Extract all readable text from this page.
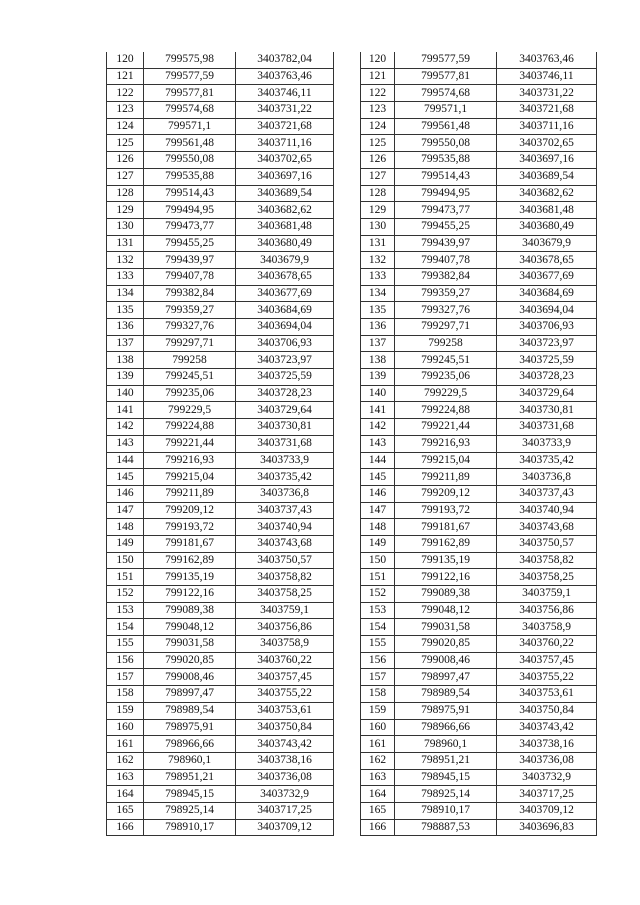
120	799575,98	3403782,04
121	799577,59	3403763,46
122	799577,81	3403746,11
123	799574,68	3403731,22
124	799571,1	3403721,68
125	799561,48	3403711,16
126	799550,08	3403702,65
127	799535,88	3403697,16
128	799514,43	3403689,54
129	799494,95	3403682,62
130	799473,77	3403681,48
131	799455,25	3403680,49
132	799439,97	3403679,9
133	799407,78	3403678,65
134	799382,84	3403677,69
135	799359,27	3403684,69
136	799327,76	3403694,04
137	799297,71	3403706,93
138	799258	3403723,97
139	799245,51	3403725,59
140	799235,06	3403728,23
141	799229,5	3403729,64
142	799224,88	3403730,81
143	799221,44	3403731,68
144	799216,93	3403733,9
145	799215,04	3403735,42
146	799211,89	3403736,8
147	799209,12	3403737,43
148	799193,72	3403740,94
149	799181,67	3403743,68
150	799162,89	3403750,57
151	799135,19	3403758,82
152	799122,16	3403758,25
153	799089,38	3403759,1
154	799048,12	3403756,86
155	799031,58	3403758,9
156	799020,85	3403760,22
157	799008,46	3403757,45
158	798997,47	3403755,22
159	798989,54	3403753,61
160	798975,91	3403750,84
161	798966,66	3403743,42
162	798960,1	3403738,16
163	798951,21	3403736,08
164	798945,15	3403732,9
165	798925,14	3403717,25
166	798910,17	3403709,12
120	799577,59	3403763,46
121	799577,81	3403746,11
122	799574,68	3403731,22
123	799571,1	3403721,68
124	799561,48	3403711,16
125	799550,08	3403702,65
126	799535,88	3403697,16
127	799514,43	3403689,54
128	799494,95	3403682,62
129	799473,77	3403681,48
130	799455,25	3403680,49
131	799439,97	3403679,9
132	799407,78	3403678,65
133	799382,84	3403677,69
134	799359,27	3403684,69
135	799327,76	3403694,04
136	799297,71	3403706,93
137	799258	3403723,97
138	799245,51	3403725,59
139	799235,06	3403728,23
140	799229,5	3403729,64
141	799224,88	3403730,81
142	799221,44	3403731,68
143	799216,93	3403733,9
144	799215,04	3403735,42
145	799211,89	3403736,8
146	799209,12	3403737,43
147	799193,72	3403740,94
148	799181,67	3403743,68
149	799162,89	3403750,57
150	799135,19	3403758,82
151	799122,16	3403758,25
152	799089,38	3403759,1
153	799048,12	3403756,86
154	799031,58	3403758,9
155	799020,85	3403760,22
156	799008,46	3403757,45
157	798997,47	3403755,22
158	798989,54	3403753,61
159	798975,91	3403750,84
160	798966,66	3403743,42
161	798960,1	3403738,16
162	798951,21	3403736,08
163	798945,15	3403732,9
164	798925,14	3403717,25
165	798910,17	3403709,12
166	798887,53	3403696,83
